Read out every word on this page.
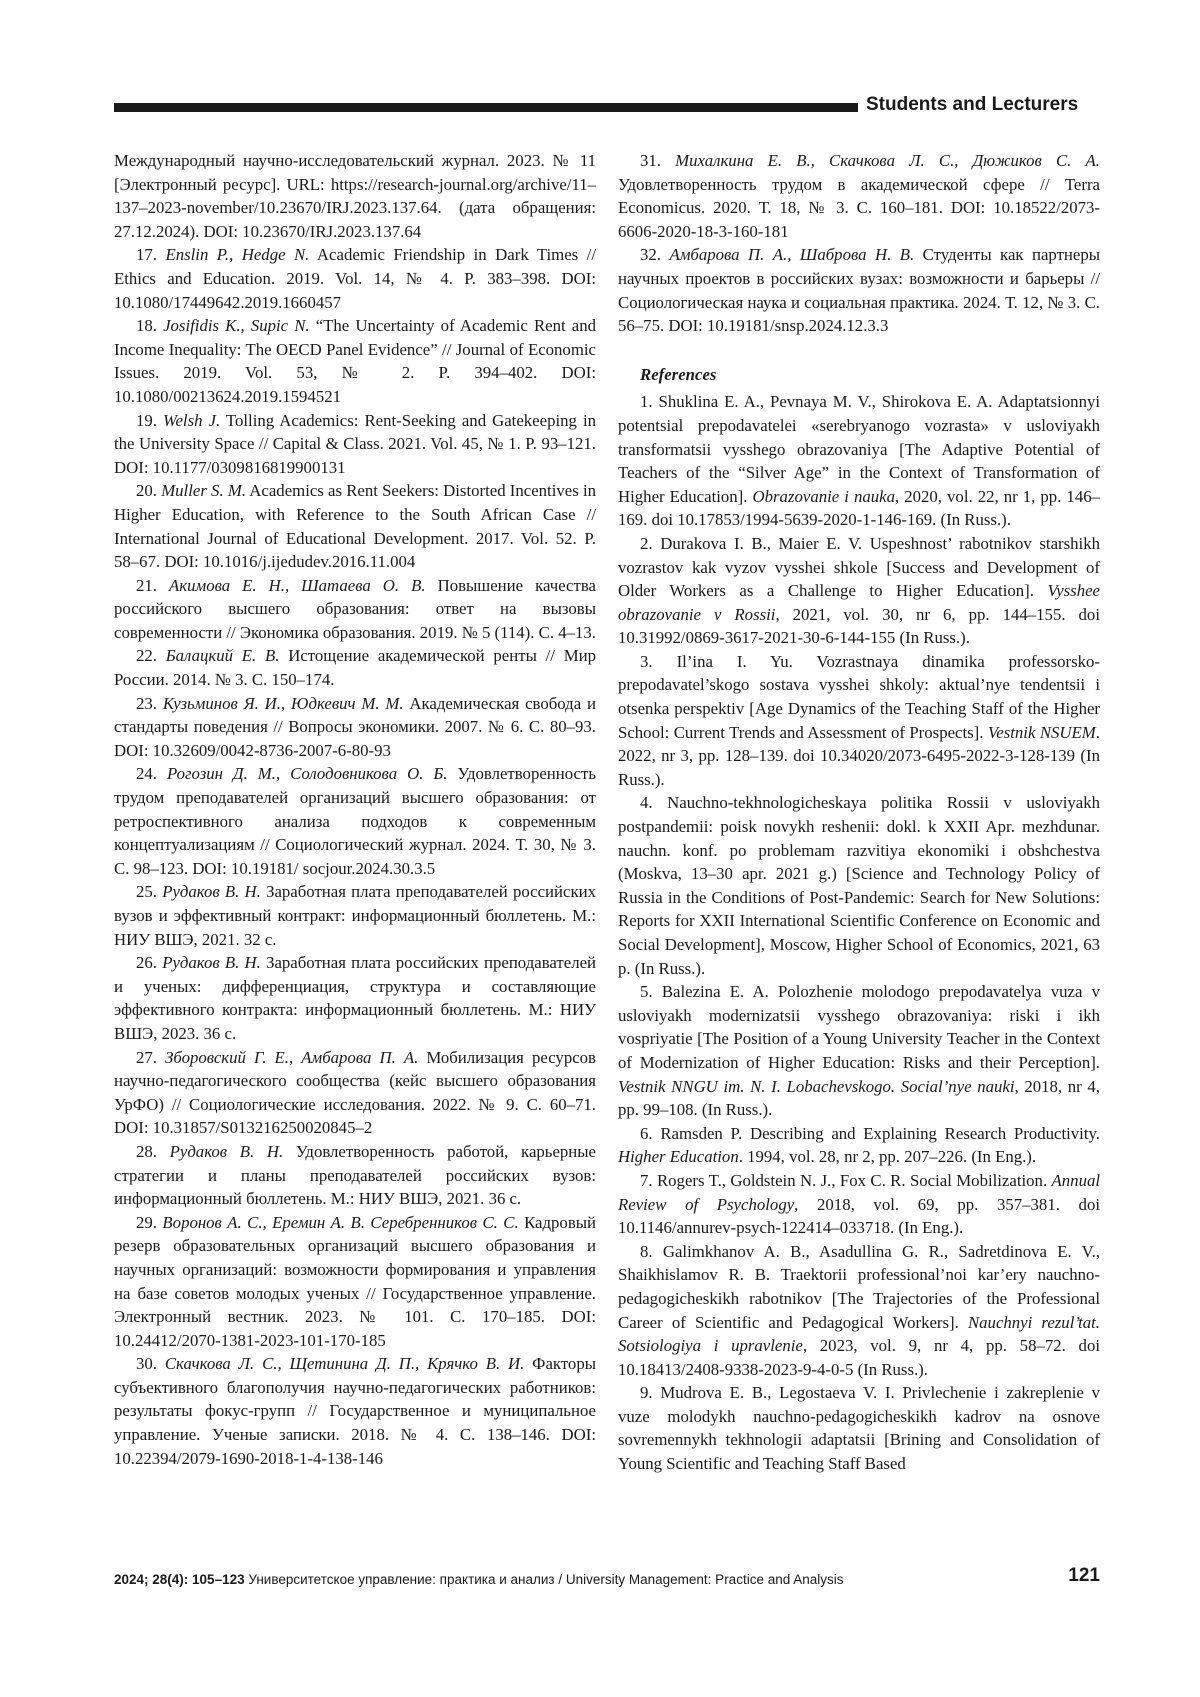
Students and Lecturers

Международный научно-исследовательский журнал. 2023. № 11 [Электронный ресурс]. URL: https://research-journal.org/archive/11–137–2023-november/10.23670/IRJ.2023.137.64. (дата обращения: 27.12.2024). DOI: 10.23670/IRJ.2023.137.64

17. Enslin P., Hedge N. Academic Friendship in Dark Times // Ethics and Education. 2019. Vol. 14, № 4. P. 383–398. DOI: 10.1080/17449642.2019.1660457

18. Josifidis K., Supic N. “The Uncertainty of Academic Rent and Income Inequality: The OECD Panel Evidence” // Journal of Economic Issues. 2019. Vol. 53, № 2. P. 394–402. DOI: 10.1080/00213624.2019.1594521

19. Welsh J. Tolling Academics: Rent-Seeking and Gatekeeping in the University Space // Capital & Class. 2021. Vol. 45, № 1. P. 93–121. DOI: 10.1177/0309816819900131

20. Muller S. M. Academics as Rent Seekers: Distorted Incentives in Higher Education, with Reference to the South African Case // International Journal of Educational Development. 2017. Vol. 52. P. 58–67. DOI: 10.1016/j.ijedudev.2016.11.004

21. Акимова Е. Н., Шатаева О. В. Повышение качества российского высшего образования: ответ на вызовы современности // Экономика образования. 2019. № 5 (114). С. 4–13.

22. Балацкий Е. В. Истощение академической ренты // Мир России. 2014. № 3. С. 150–174.

23. Кузьминов Я. И., Юдкевич М. М. Академическая свобода и стандарты поведения // Вопросы экономики. 2007. № 6. С. 80–93. DOI: 10.32609/0042-8736-2007-6-80-93

24. Рогозин Д. М., Солодовникова О. Б. Удовлетворенность трудом преподавателей организаций высшего образования: от ретроспективного анализа подходов к современным концептуализациям // Социологический журнал. 2024. Т. 30, № 3. С. 98–123. DOI: 10.19181/ socjour.2024.30.3.5

25. Рудаков В. Н. Заработная плата преподавателей российских вузов и эффективный контракт: информационный бюллетень. М.: НИУ ВШЭ, 2021. 32 с.

26. Рудаков В. Н. Заработная плата российских преподавателей и ученых: дифференциация, структура и составляющие эффективного контракта: информационный бюллетень. М.: НИУ ВШЭ, 2023. 36 с.

27. Зборовский Г. Е., Амбарова П. А. Мобилизация ресурсов научно-педагогического сообщества (кейс высшего образования УрФО) // Социологические исследования. 2022. № 9. С. 60–71. DOI: 10.31857/S013216250020845–2

28. Рудаков В. Н. Удовлетворенность работой, карьерные стратегии и планы преподавателей российских вузов: информационный бюллетень. М.: НИУ ВШЭ, 2021. 36 с.

29. Воронов А. С., Еремин А. В. Серебренников С. С. Кадровый резерв образовательных организаций высшего образования и научных организаций: возможности формирования и управления на базе советов молодых ученых // Государственное управление. Электронный вестник. 2023. № 101. С. 170–185. DOI: 10.24412/2070-1381-2023-101-170-185

30. Скачкова Л. С., Щетинина Д. П., Крячко В. И. Факторы субъективного благополучия научно-педагогических работников: результаты фокус-групп // Государственное и муниципальное управление. Ученые записки. 2018. № 4. С. 138–146. DOI: 10.22394/2079-1690-2018-1-4-138-146

31. Михалкина Е. В., Скачкова Л. С., Дюжиков С. А. Удовлетворенность трудом в академической сфере // Terra Economicus. 2020. Т. 18, № 3. С. 160–181. DOI: 10.18522/2073-6606-2020-18-3-160-181

32. Амбарова П. А., Шаброва Н. В. Студенты как партнеры научных проектов в российских вузах: возможности и барьеры // Социологическая наука и социальная практика. 2024. Т. 12, № 3. С. 56–75. DOI: 10.19181/snsp.2024.12.3.3

References

1. Shuklina E. A., Pevnaya M. V., Shirokova E. A. Adaptatsionnyi potentsial prepodavatelei «serebryanogo vozrasta» v usloviyakh transformatsii vysshego obrazovaniya [The Adaptive Potential of Teachers of the “Silver Age” in the Context of Transformation of Higher Education]. Obrazovanie i nauka, 2020, vol. 22, nr 1, pp. 146–169. doi 10.17853/1994-5639-2020-1-146-169. (In Russ.).

2. Durakova I. B., Maier E. V. Uspeshnost’ rabotnikov starshikh vozrastov kak vyzov vysshei shkole [Success and Development of Older Workers as a Challenge to Higher Education]. Vysshee obrazovanie v Rossii, 2021, vol. 30, nr 6, pp. 144–155. doi 10.31992/0869-3617-2021-30-6-144-155 (In Russ.).

3. Il’ina I. Yu. Vozrastnaya dinamika professorsko-prepodavatel’skogo sostava vysshei shkoly: aktual’nye tendentsii i otsenka perspektiv [Age Dynamics of the Teaching Staff of the Higher School: Current Trends and Assessment of Prospects]. Vestnik NSUEM. 2022, nr 3, pp. 128–139. doi 10.34020/2073-6495-2022-3-128-139 (In Russ.).

4. Nauchno-tekhnologicheskaya politika Rossii v usloviyakh postpandemii: poisk novykh reshenii: dokl. k XXII Apr. mezhdunar. nauchn. konf. po problemam razvitiya ekonomiki i obshchestva (Moskva, 13–30 apr. 2021 g.) [Science and Technology Policy of Russia in the Conditions of Post-Pandemic: Search for New Solutions: Reports for XXII International Scientific Conference on Economic and Social Development], Moscow, Higher School of Economics, 2021, 63 p. (In Russ.).

5. Balezina E. A. Polozhenie molodogo prepodavatelya vuza v usloviyakh modernizatsii vysshego obrazovaniya: riski i ikh vospriyatie [The Position of a Young University Teacher in the Context of Modernization of Higher Education: Risks and their Perception]. Vestnik NNGU im. N. I. Lobachevskogo. Social’nye nauki, 2018, nr 4, pp. 99–108. (In Russ.).

6. Ramsden P. Describing and Explaining Research Productivity. Higher Education. 1994, vol. 28, nr 2, pp. 207–226. (In Eng.).

7. Rogers T., Goldstein N. J., Fox C. R. Social Mobilization. Annual Review of Psychology, 2018, vol. 69, pp. 357–381. doi 10.1146/annurev-psych-122414–033718. (In Eng.).

8. Galimkhanov A. B., Asadullina G. R., Sadretdinova E. V., Shaikhislamov R. B. Traektorii professional’noi kar’ery nauchno-pedagogicheskikh rabotnikov [The Trajectories of the Professional Career of Scientific and Pedagogical Workers]. Nauchnyi rezul’tat. Sotsiologiya i upravlenie, 2023, vol. 9, nr 4, pp. 58–72. doi 10.18413/2408-9338-2023-9-4-0-5 (In Russ.).

9. Mudrova E. B., Legostaeva V. I. Privlechenie i zakreplenie v vuze molodykh nauchno-pedagogicheskikh kadrov na osnove sovremennykh tekhnologii adaptatsii [Brining and Consolidation of Young Scientific and Teaching Staff Based

2024; 28(4): 105–123 Университетское управление: практика и анализ / University Management: Practice and Analysis	121
